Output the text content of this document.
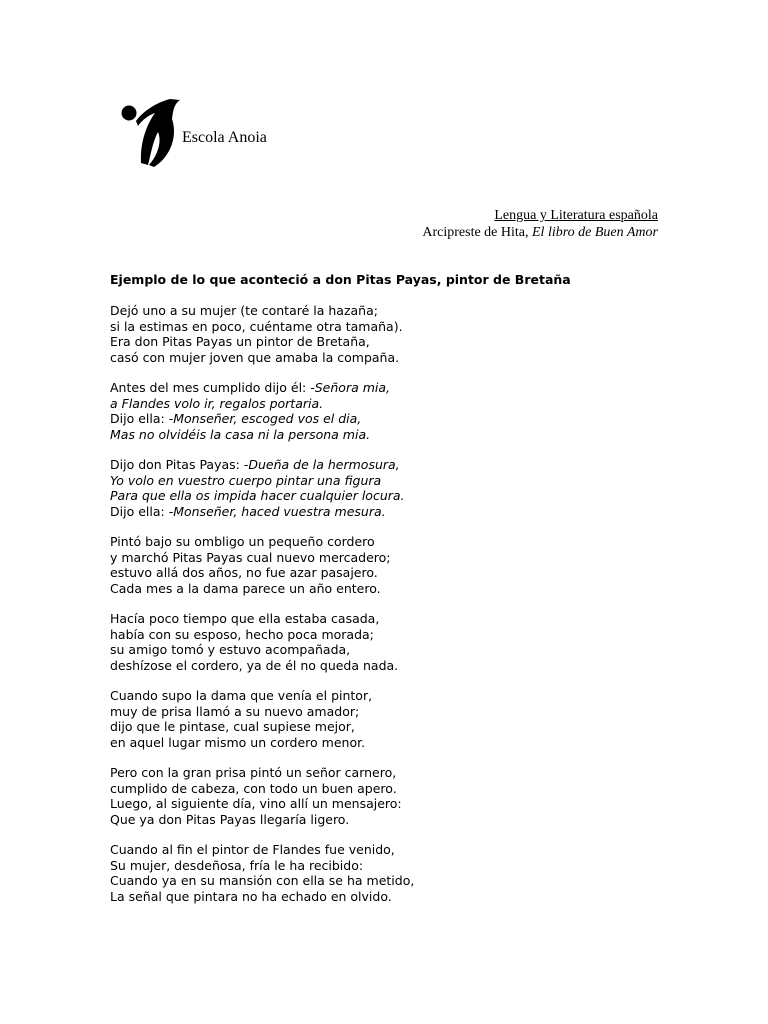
Escola Anoia
Lengua y Literatura española
Arcipreste de Hita, El libro de Buen Amor
Ejemplo de lo que aconteció a don Pitas Payas, pintor de Bretaña
Dejó uno a su mujer (te contaré la hazaña;
si la estimas en poco, cuéntame otra tamaña).
Era don Pitas Payas un pintor de Bretaña,
casó con mujer joven que amaba la compaña.
Antes del mes cumplido dijo él: -Señora mia,
a Flandes volo ir, regalos portaria.
Dijo ella: -Monseñer, escoged vos el dia,
Mas no olvidéis la casa ni la persona mia.
Dijo don Pitas Payas: -Dueña de la hermosura,
Yo volo en vuestro cuerpo pintar una figura
Para que ella os impida hacer cualquier locura.
Dijo ella: -Monseñer, haced vuestra mesura.
Pintó bajo su ombligo un pequeño cordero
y marchó Pitas Payas cual nuevo mercadero;
estuvo allá dos años, no fue azar pasajero.
Cada mes a la dama parece un año entero.
Hacía poco tiempo que ella estaba casada,
había con su esposo, hecho poca morada;
su amigo tomó y estuvo acompañada,
deshízose el cordero, ya de él no queda nada.
Cuando supo la dama que venía el pintor,
muy de prisa llamó a su nuevo amador;
dijo que le pintase, cual supiese mejor,
en aquel lugar mismo un cordero menor.
Pero con la gran prisa pintó un señor carnero,
cumplido de cabeza, con todo un buen apero.
Luego, al siguiente día, vino allí un mensajero:
Que ya don Pitas Payas llegaría ligero.
Cuando al fin el pintor de Flandes fue venido,
Su mujer, desdeñosa, fría le ha recibido:
Cuando ya en su mansión con ella se ha metido,
La señal que pintara no ha echado en olvido.
